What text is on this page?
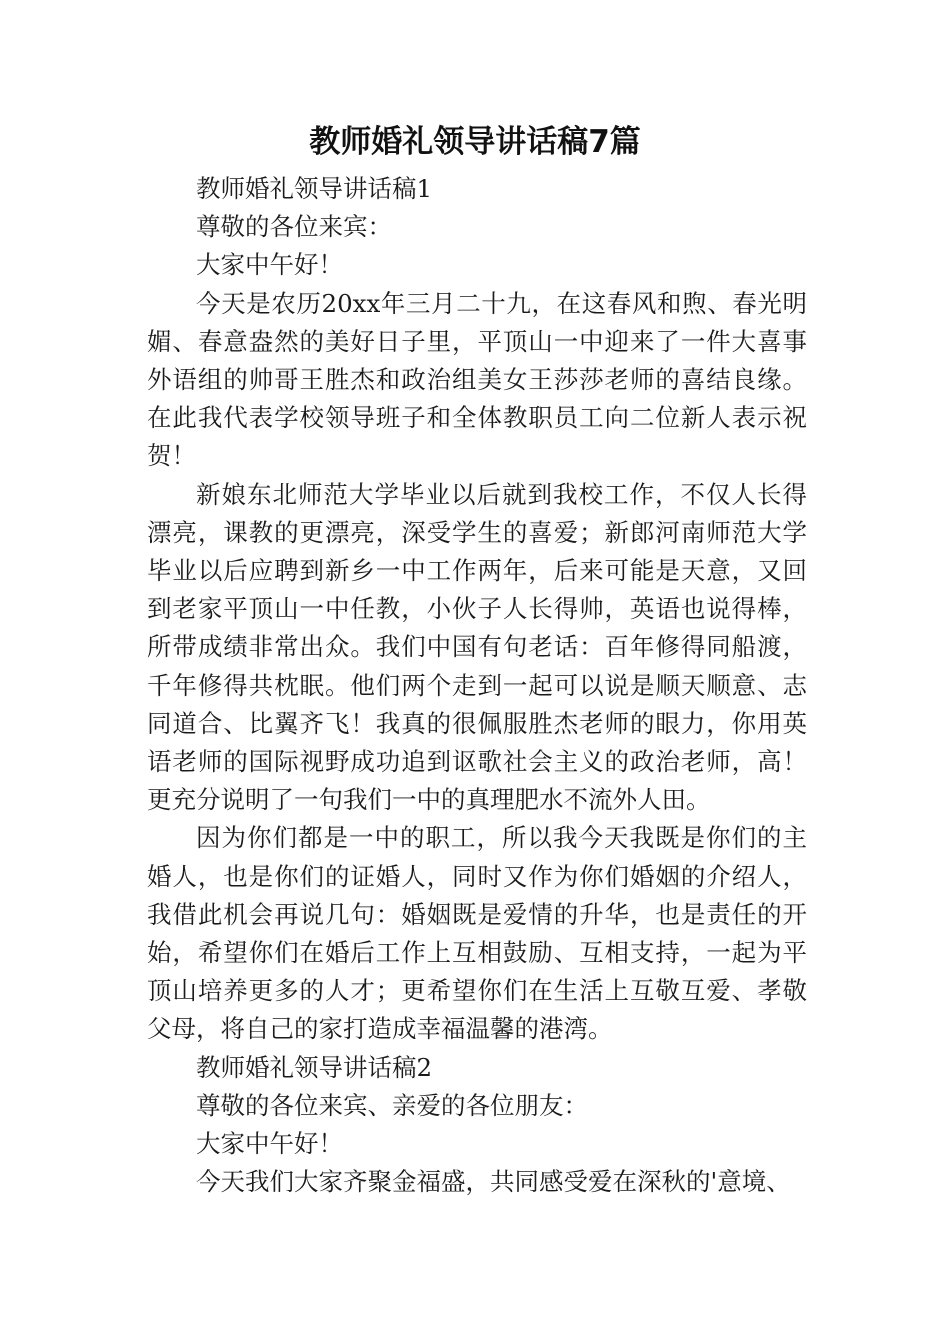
教师婚礼领导讲话稿7篇

教师婚礼领导讲话稿1

尊敬的各位来宾：

大家中午好！

今天是农历20xx年三月二十九，在这春风和煦、春光明媚、春意盎然的美好日子里，平顶山一中迎来了一件大喜事外语组的帅哥王胜杰和政治组美女王莎莎老师的喜结良缘。在此我代表学校领导班子和全体教职员工向二位新人表示祝贺！

新娘东北师范大学毕业以后就到我校工作，不仅人长得漂亮，课教的更漂亮，深受学生的喜爱；新郎河南师范大学毕业以后应聘到新乡一中工作两年，后来可能是天意，又回到老家平顶山一中任教，小伙子人长得帅，英语也说得棒，所带成绩非常出众。我们中国有句老话：百年修得同船渡，千年修得共枕眠。他们两个走到一起可以说是顺天顺意、志同道合、比翼齐飞！我真的很佩服胜杰老师的眼力，你用英语老师的国际视野成功追到讴歌社会主义的政治老师，高！更充分说明了一句我们一中的真理肥水不流外人田。

因为你们都是一中的职工，所以我今天我既是你们的主婚人，也是你们的证婚人，同时又作为你们婚姻的介绍人，我借此机会再说几句：婚姻既是爱情的升华，也是责任的开始，希望你们在婚后工作上互相鼓励、互相支持，一起为平顶山培养更多的人才；更希望你们在生活上互敬互爱、孝敬父母，将自己的家打造成幸福温馨的港湾。

教师婚礼领导讲话稿2

尊敬的各位来宾、亲爱的各位朋友：

大家中午好！

今天我们大家齐聚金福盛，共同感受爱在深秋的'意境、
